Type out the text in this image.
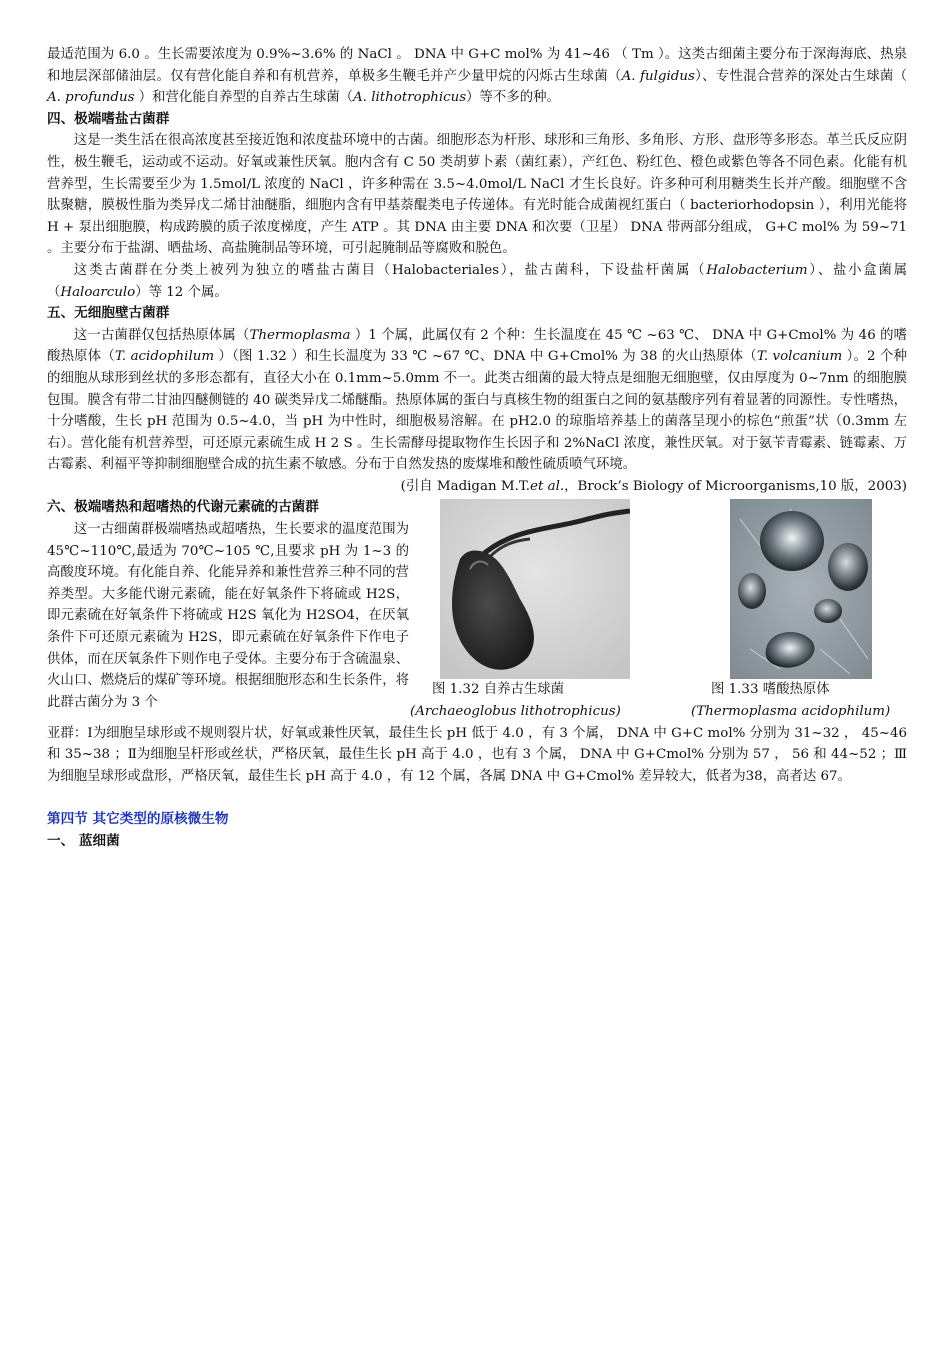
最适范围为 6.0 。生长需要浓度为 0.9%~3.6% 的 NaCl 。 DNA 中 G+C mol% 为 41~46 （ Tm ）。这类古细菌主要分布于深海海底、热泉和地层深部储油层。仅有营化能自养和有机营养，单极多生鞭毛并产少量甲烷的闪烁古生球菌（A. fulgidus）、专性混合营养的深处古生球菌（ A. profundus ）和营化能自养型的自养古生球菌（A. lithotrophicus）等不多的种。

四、极端嗜盐古菌群

这是一类生活在很高浓度甚至接近饱和浓度盐环境中的古菌。细胞形态为杆形、球形和三角形、多角形、方形、盘形等多形态。革兰氏反应阴性，极生鞭毛，运动或不运动。好氧或兼性厌氧。胞内含有 C 50 类胡萝卜素（菌红素），产红色、粉红色、橙色或紫色等各不同色素。化能有机营养型，生长需要至少为 1.5mol/L 浓度的 NaCl ，许多种需在 3.5~4.0mol/L NaCl 才生长良好。许多种可利用糖类生长并产酸。细胞壁不含肽聚糖，膜极性脂为类异戊二烯甘油醚脂，细胞内含有甲基萘醌类电子传递体。有光时能合成菌视红蛋白（ bacteriorhodopsin ），利用光能将 H + 泵出细胞膜，构成跨膜的质子浓度梯度，产生 ATP 。其 DNA 由主要 DNA 和次要（卫星） DNA 带两部分组成， G+C mol% 为 59~71 。主要分布于盐湖、晒盐场、高盐腌制品等环境，可引起腌制品等腐败和脱色。

这类古菌群在分类上被列为独立的嗜盐古菌目（Halobacteriales），盐古菌科，下设盐杆菌属（Halobacterium）、盐小盒菌属（Haloarculo）等 12 个属。

五、无细胞壁古菌群

这一古菌群仅包括热原体属（Thermoplasma ）1 个属，此属仅有 2 个种：生长温度在 45 ℃ ~63 ℃、 DNA 中 G+Cmol% 为 46 的嗜酸热原体（T. acidophilum ）（图 1.32 ）和生长温度为 33 ℃ ~67 ℃、DNA 中 G+Cmol% 为 38 的火山热原体（T. volcanium ）。2 个种的细胞从球形到丝状的多形态都有，直径大小在 0.1mm~5.0mm 不一。此类古细菌的最大特点是细胞无细胞壁，仅由厚度为 0~7nm 的细胞膜包围。膜含有带二甘油四醚侧链的 40 碳类异戊二烯醚酯。热原体属的蛋白与真核生物的组蛋白之间的氨基酸序列有着显著的同源性。专性嗜热，十分嗜酸，生长 pH 范围为 0.5~4.0，当 pH 为中性时，细胞极易溶解。在 pH2.0 的琼脂培养基上的菌落呈现小的棕色“煎蛋”状（0.3mm 左右）。营化能有机营养型，可还原元素硫生成 H 2 S 。生长需酵母提取物作生长因子和 2%NaCl 浓度，兼性厌氧。对于氨苄青霉素、链霉素、万古霉素、利福平等抑制细胞壁合成的抗生素不敏感。分布于自然发热的废煤堆和酸性硫质喷气环境。

(引自 Madigan M.T.et al.，Brock’s Biology of Microorganisms,10 版，2003)

六、极端嗜热和超嗜热的代谢元素硫的古菌群

这一古细菌群极端嗜热或超嗜热，生长要求的温度范围为 45℃~110℃,最适为 70℃~105 ℃,且要求 pH 为 1~3 的高酸度环境。有化能自养、化能异养和兼性营养三种不同的营养类型。大多能代谢元素硫，能在好氧条件下将硫或 H2S，即元素硫在好氧条件下将硫或 H2S 氧化为 H2SO4，在厌氧条件下可还原元素硫为 H2S，即元素硫在好氧条件下作电子供体，而在厌氧条件下则作电子受体。主要分布于含硫温泉、火山口、燃烧后的煤矿等环境。根据细胞形态和生长条件，将此群古菌分为 3 个

图 1.32 自养古生球菌
(Archaeoglobus lithotrophicus)
图 1.33 嗜酸热原体
(Thermoplasma acidophilum)

亚群：Ⅰ为细胞呈球形或不规则裂片状，好氧或兼性厌氧，最佳生长 pH 低于 4.0 ，有 3 个属， DNA 中 G+C mol% 分别为 31~32 ， 45~46 和 35~38 ；Ⅱ为细胞呈杆形或丝状，严格厌氧，最佳生长 pH 高于 4.0 ，也有 3 个属， DNA 中 G+Cmol% 分别为 57 ， 56 和 44~52 ；Ⅲ为细胞呈球形或盘形，严格厌氧，最佳生长 pH 高于 4.0 ，有 12 个属，各属 DNA 中 G+Cmol% 差异较大，低者为38，高者达 67。

第四节 其它类型的原核微生物
一、 蓝细菌
